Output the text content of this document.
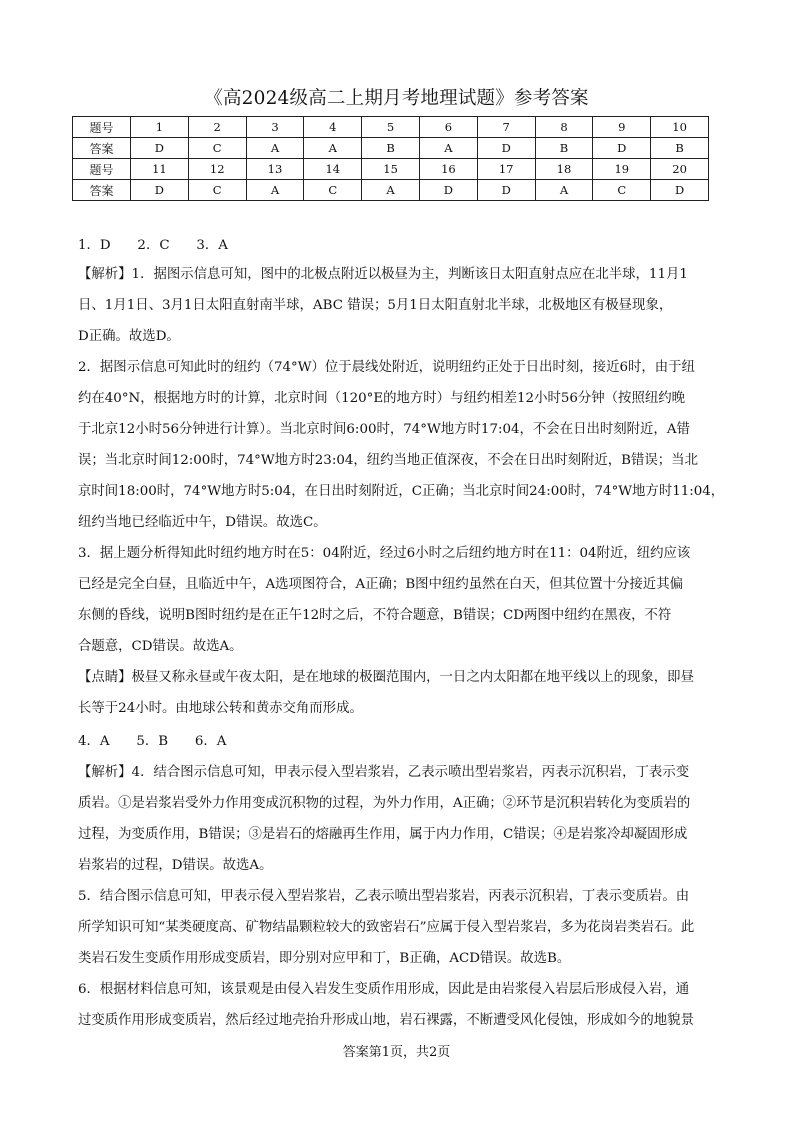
《高2024级高二上期月考地理试题》参考答案
题号	1	2	3	4	5	6	7	8	9	10
答案	D	C	A	A	B	A	D	B	D	B
题号	11	12	13	14	15	16	17	18	19	20
答案	D	C	A	C	A	D	D	A	C	D
1．D　　2．C　　3．A
【解析】1．据图示信息可知，图中的北极点附近以极昼为主，判断该日太阳直射点应在北半球，11月1
日、1月1日、3月1日太阳直射南半球，ABC 错误；5月1日太阳直射北半球，北极地区有极昼现象，
D正确。故选D。
2．据图示信息可知此时的纽约（74°W）位于晨线处附近，说明纽约正处于日出时刻，接近6时，由于纽
约在40°N，根据地方时的计算，北京时间（120°E的地方时）与纽约相差12小时56分钟（按照纽约晚
于北京12小时56分钟进行计算）。当北京时间6:00时，74°W地方时17:04，不会在日出时刻附近，A错
误；当北京时间12:00时，74°W地方时23:04，纽约当地正值深夜，不会在日出时刻附近，B错误；当北
京时间18:00时，74°W地方时5:04，在日出时刻附近，C正确；当北京时间24:00时，74°W地方时11:04，
纽约当地已经临近中午，D错误。故选C。
3．据上题分析得知此时纽约地方时在5：04附近，经过6小时之后纽约地方时在11：04附近，纽约应该
已经是完全白昼，且临近中午，A选项图符合，A正确；B图中纽约虽然在白天，但其位置十分接近其偏
东侧的昏线，说明B图时纽约是在正午12时之后，不符合题意，B错误；CD两图中纽约在黑夜，不符
合题意，CD错误。故选A。
【点睛】极昼又称永昼或午夜太阳，是在地球的极圈范围内，一日之内太阳都在地平线以上的现象，即昼
长等于24小时。由地球公转和黄赤交角而形成。
4．A　　5．B　　6．A
【解析】4．结合图示信息可知，甲表示侵入型岩浆岩，乙表示喷出型岩浆岩，丙表示沉积岩，丁表示变
质岩。①是岩浆岩受外力作用变成沉积物的过程，为外力作用，A正确；②环节是沉积岩转化为变质岩的
过程，为变质作用，B错误；③是岩石的熔融再生作用，属于内力作用，C错误；④是岩浆冷却凝固形成
岩浆岩的过程，D错误。故选A。
5．结合图示信息可知，甲表示侵入型岩浆岩，乙表示喷出型岩浆岩，丙表示沉积岩，丁表示变质岩。由
所学知识可知“某类硬度高、矿物结晶颗粒较大的致密岩石”应属于侵入型岩浆岩，多为花岗岩类岩石。此
类岩石发生变质作用形成变质岩，即分别对应甲和丁，B正确，ACD错误。故选B。
6．根据材料信息可知，该景观是由侵入岩发生变质作用形成，因此是由岩浆侵入岩层后形成侵入岩，通
过变质作用形成变质岩，然后经过地壳抬升形成山地，岩石裸露，不断遭受风化侵蚀，形成如今的地貌景
答案第1页，共2页
